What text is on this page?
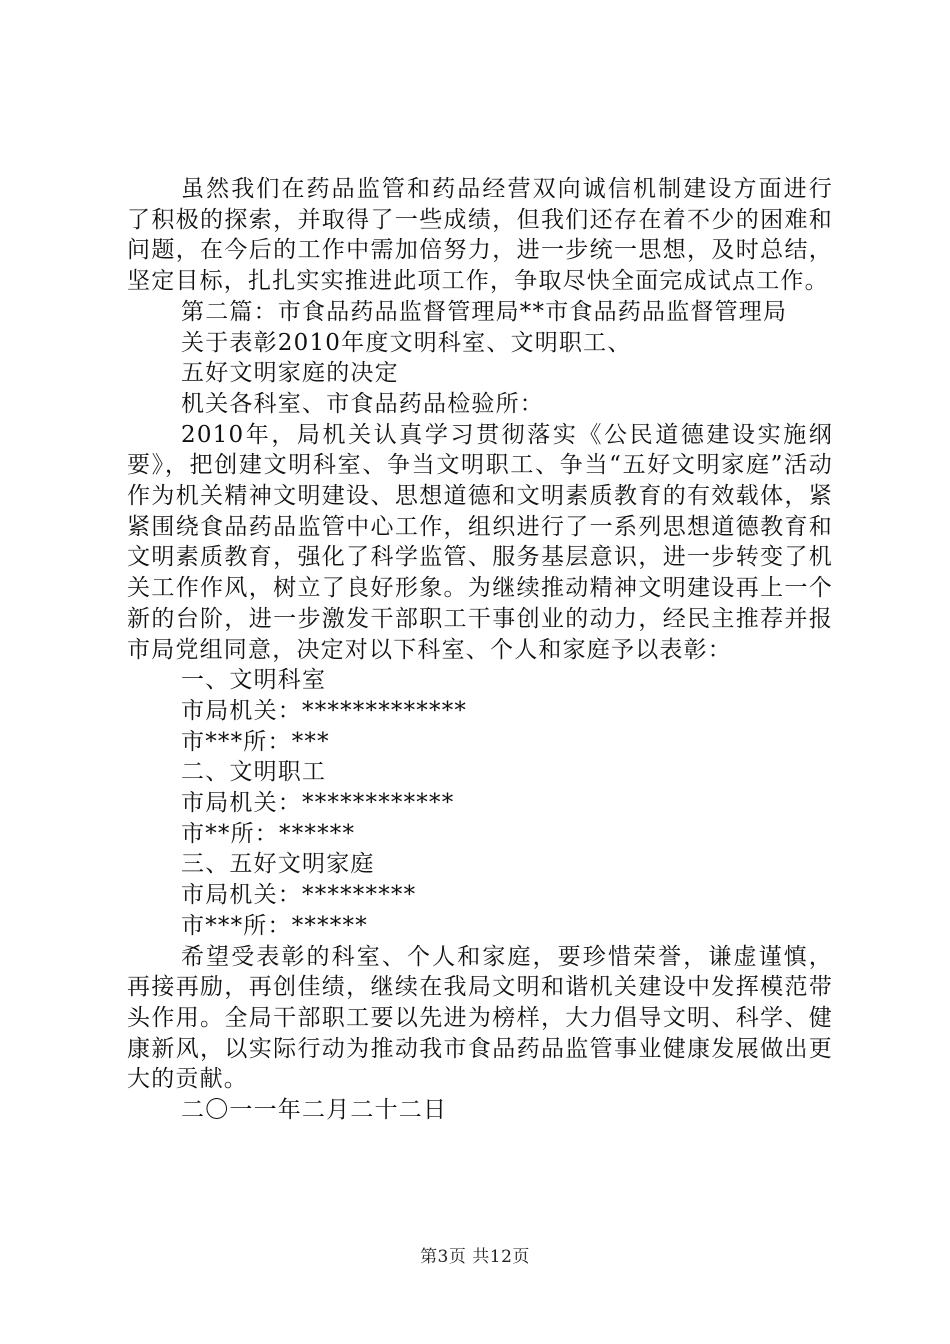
虽然我们在药品监管和药品经营双向诚信机制建设方面进行了积极的探索，并取得了一些成绩，但我们还存在着不少的困难和问题，在今后的工作中需加倍努力，进一步统一思想，及时总结，坚定目标，扎扎实实推进此项工作，争取尽快全面完成试点工作。

第二篇：市食品药品监督管理局**市食品药品监督管理局

关于表彰2010年度文明科室、文明职工、

五好文明家庭的决定

机关各科室、市食品药品检验所：

2010年，局机关认真学习贯彻落实《公民道德建设实施纲要》，把创建文明科室、争当文明职工、争当“五好文明家庭”活动作为机关精神文明建设、思想道德和文明素质教育的有效载体，紧紧围绕食品药品监管中心工作，组织进行了一系列思想道德教育和文明素质教育，强化了科学监管、服务基层意识，进一步转变了机关工作作风，树立了良好形象。为继续推动精神文明建设再上一个新的台阶，进一步激发干部职工干事创业的动力，经民主推荐并报市局党组同意，决定对以下科室、个人和家庭予以表彰：

一、文明科室

市局机关：*************

市***所：***

二、文明职工

市局机关：************

市**所：******

三、五好文明家庭

市局机关：*********

市***所：******

希望受表彰的科室、个人和家庭，要珍惜荣誉，谦虚谨慎，再接再励，再创佳绩，继续在我局文明和谐机关建设中发挥模范带头作用。全局干部职工要以先进为榜样，大力倡导文明、科学、健康新风，以实际行动为推动我市食品药品监管事业健康发展做出更大的贡献。

二〇一一年二月二十二日

第3页 共12页
